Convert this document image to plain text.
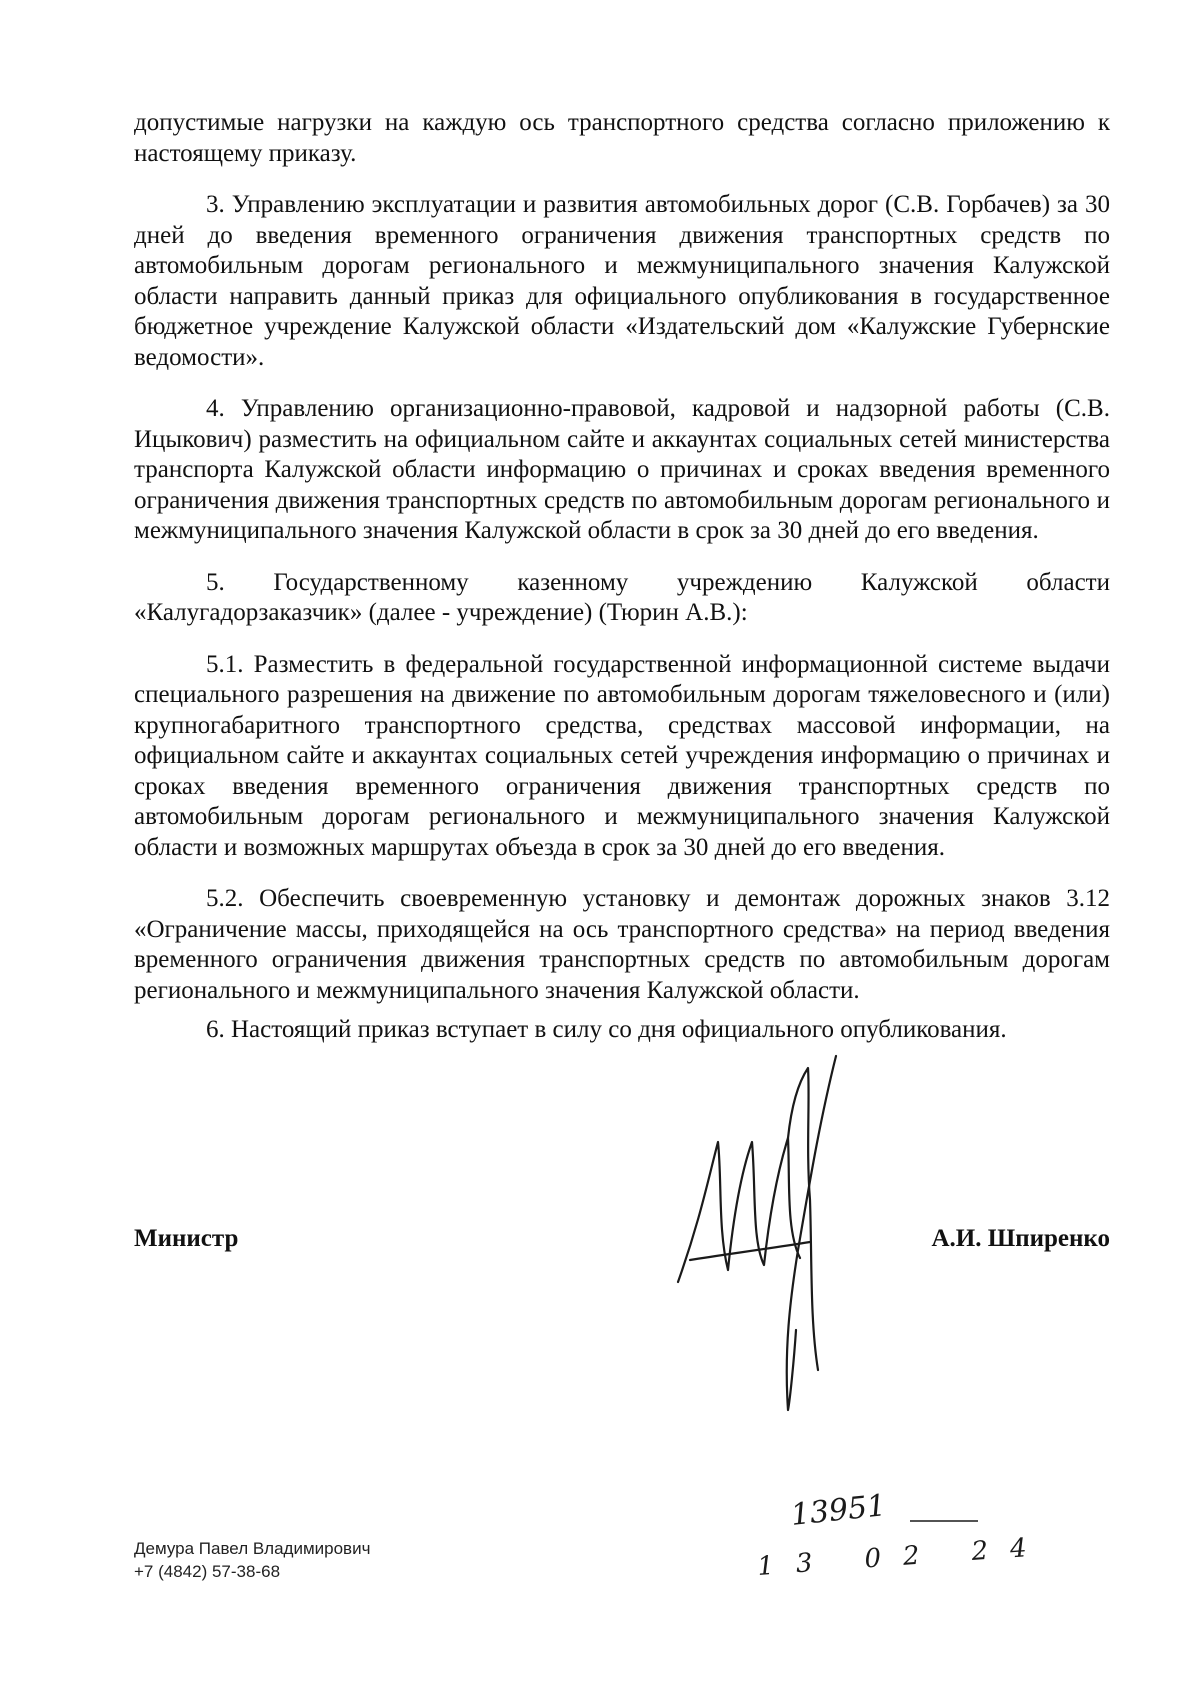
допустимые нагрузки на каждую ось транспортного средства согласно приложению к настоящему приказу.

3. Управлению эксплуатации и развития автомобильных дорог (С.В. Горбачев) за 30 дней до введения временного ограничения движения транспортных средств по автомобильным дорогам регионального и межмуниципального значения Калужской области направить данный приказ для официального опубликования в государственное бюджетное учреждение Калужской области «Издательский дом «Калужские Губернские ведомости».

4. Управлению организационно-правовой, кадровой и надзорной работы (С.В. Ицыкович) разместить на официальном сайте и аккаунтах социальных сетей министерства транспорта Калужской области информацию о причинах и сроках введения временного ограничения движения транспортных средств по автомобильным дорогам регионального и межмуниципального значения Калужской области в срок за 30 дней до его введения.

5. Государственному казенному учреждению Калужской области «Калугадорзаказчик» (далее - учреждение) (Тюрин А.В.):

5.1. Разместить в федеральной государственной информационной системе выдачи специального разрешения на движение по автомобильным дорогам тяжеловесного и (или) крупногабаритного транспортного средства, средствах массовой информации, на официальном сайте и аккаунтах социальных сетей учреждения информацию о причинах и сроках введения временного ограничения движения транспортных средств по автомобильным дорогам регионального и межмуниципального значения Калужской области и возможных маршрутах объезда в срок за 30 дней до его введения.

5.2. Обеспечить своевременную установку и демонтаж дорожных знаков 3.12 «Ограничение массы, приходящейся на ось транспортного средства» на период введения временного ограничения движения транспортных средств по автомобильным дорогам регионального и межмуниципального значения Калужской области.

6. Настоящий приказ вступает в силу со дня официального опубликования.

Министр	А.И. Шпиренко
13951
13 02 24
Демура Павел Владимирович
+7 (4842) 57-38-68
